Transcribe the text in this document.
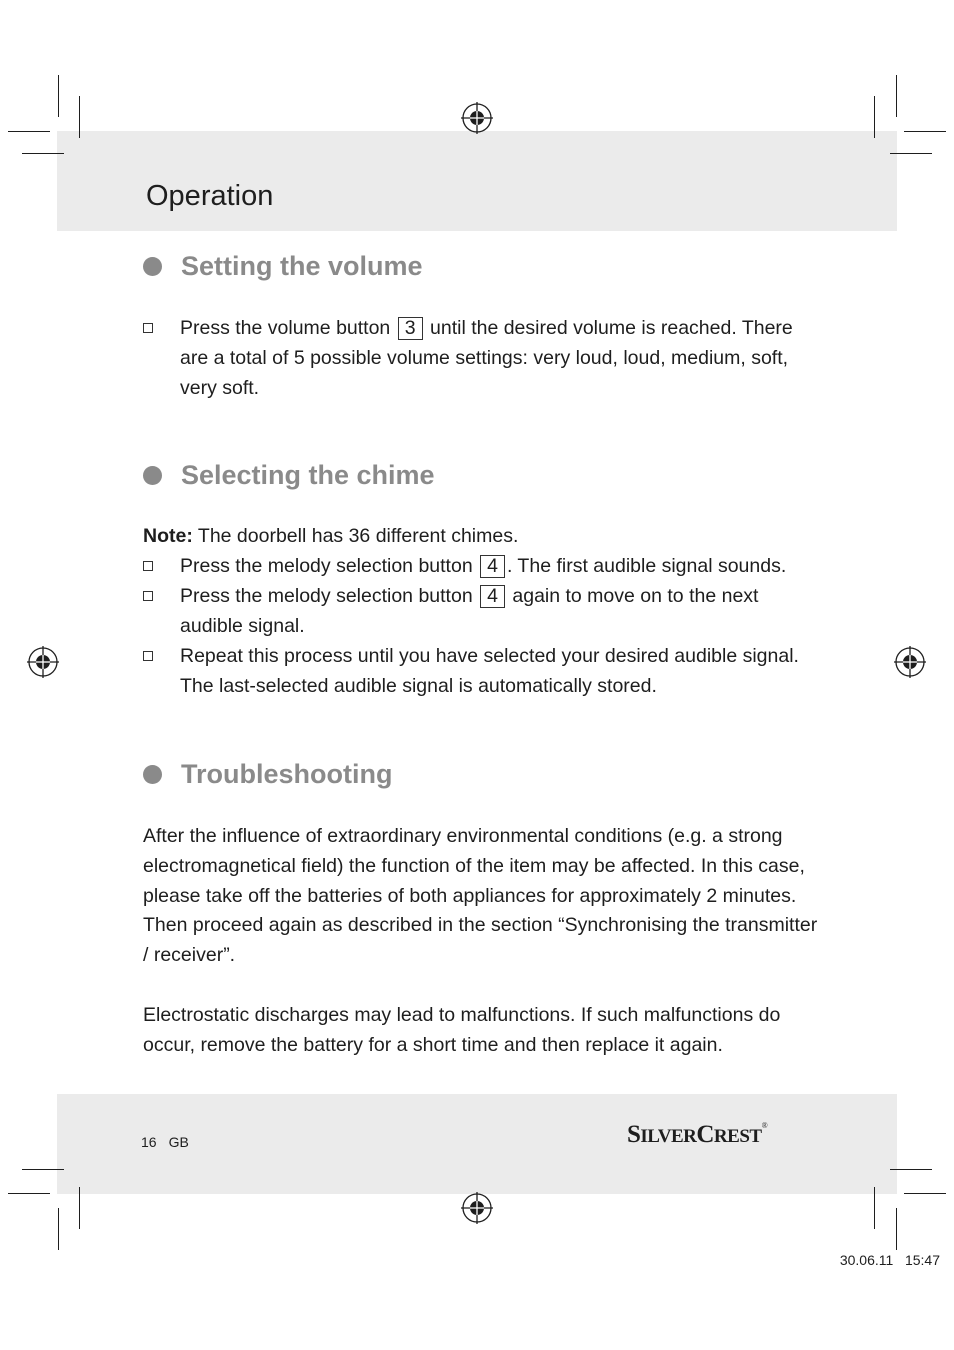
Operation
Setting the volume
Press the volume button 3 until the desired volume is reached. There are a total of 5 possible volume settings: very loud, loud, medium, soft, very soft.
Selecting the chime

Note: The doorbell has 36 different chimes.

Press the melody selection button 4 . The first audible signal sounds.
Press the melody selection button 4 again to move on to the next audible signal.
Repeat this process until you have selected your desired audible signal. The last-selected audible signal is automatically stored.
Troubleshooting

After the influence of extraordinary environmental conditions (e.g. a strong electromagnetical field) the function of the item may be affected. In this case, please take off the batteries of both appliances for approximately 2 minutes. Then proceed again as described in the section “Synchronising the transmitter / receiver”.

Electrostatic discharges may lead to malfunctions. If such malfunctions do occur, remove the battery for a short time and then replace it again.

16 GB	SILVERCREST®
30.06.11   15:47
